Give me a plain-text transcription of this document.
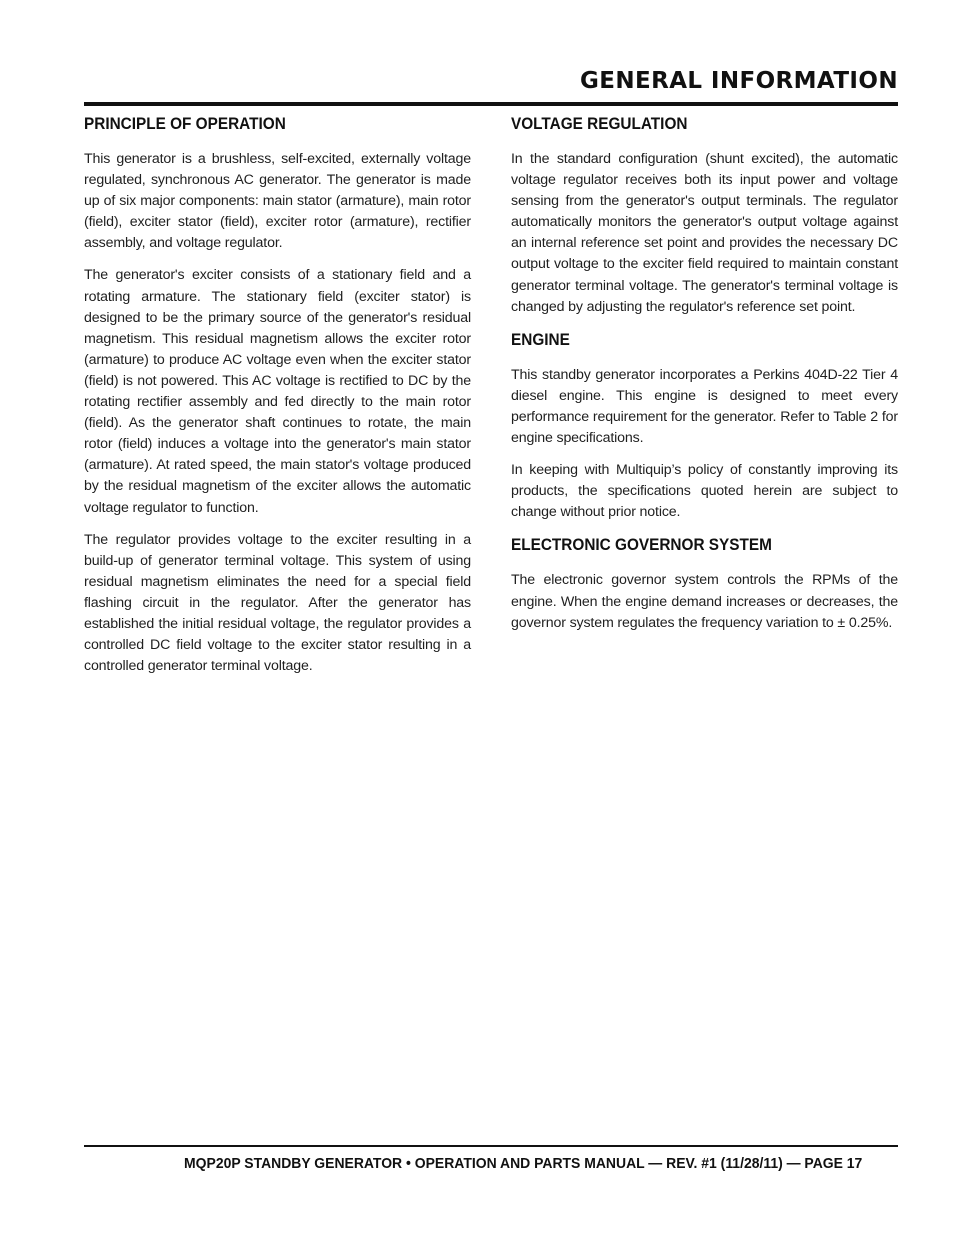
GENERAL INFORMATION
PRINCIPLE OF OPERATION

This generator is a brushless, self-excited, externally voltage regulated, synchronous AC generator. The generator is made up of six major components: main stator (armature), main rotor (field), exciter stator (field), exciter rotor (armature), rectifier assembly, and voltage regulator.

The generator's exciter consists of a stationary field and a rotating armature. The stationary field (exciter stator) is designed to be the primary source of the generator's residual magnetism. This residual magnetism allows the exciter rotor (armature) to produce AC voltage even when the exciter stator (field) is not powered. This AC voltage is rectified to DC by the rotating rectifier assembly and fed directly to the main rotor (field). As the generator shaft continues to rotate, the main rotor (field) induces a voltage into the generator's main stator (armature). At rated speed, the main stator's voltage produced by the residual magnetism of the exciter allows the automatic voltage regulator to function.

The regulator provides voltage to the exciter resulting in a build-up of generator terminal voltage. This system of using residual magnetism eliminates the need for a special field flashing circuit in the regulator. After the generator has established the initial residual voltage, the regulator provides a controlled DC field voltage to the exciter stator resulting in a controlled generator terminal voltage.

VOLTAGE REGULATION

In the standard configuration (shunt excited), the automatic voltage regulator receives both its input power and voltage sensing from the generator's output terminals. The regulator automatically monitors the generator's output voltage against an internal reference set point and provides the necessary DC output voltage to the exciter field required to maintain constant generator terminal voltage. The generator's terminal voltage is changed by adjusting the regulator's reference set point.

ENGINE

This standby generator incorporates a Perkins 404D-22 Tier 4 diesel engine. This engine is designed to meet every performance requirement for the generator. Refer to Table 2 for engine specifications.

In keeping with Multiquip’s policy of constantly improving its products, the specifications quoted herein are subject to change without prior notice.

ELECTRONIC GOVERNOR SYSTEM

The electronic governor system controls the RPMs of the engine. When the engine demand increases or decreases, the governor system regulates the frequency variation to ± 0.25%.

MQP20P STANDBY GENERATOR • OPERATION AND PARTS MANUAL — REV. #1 (11/28/11) — PAGE 17
